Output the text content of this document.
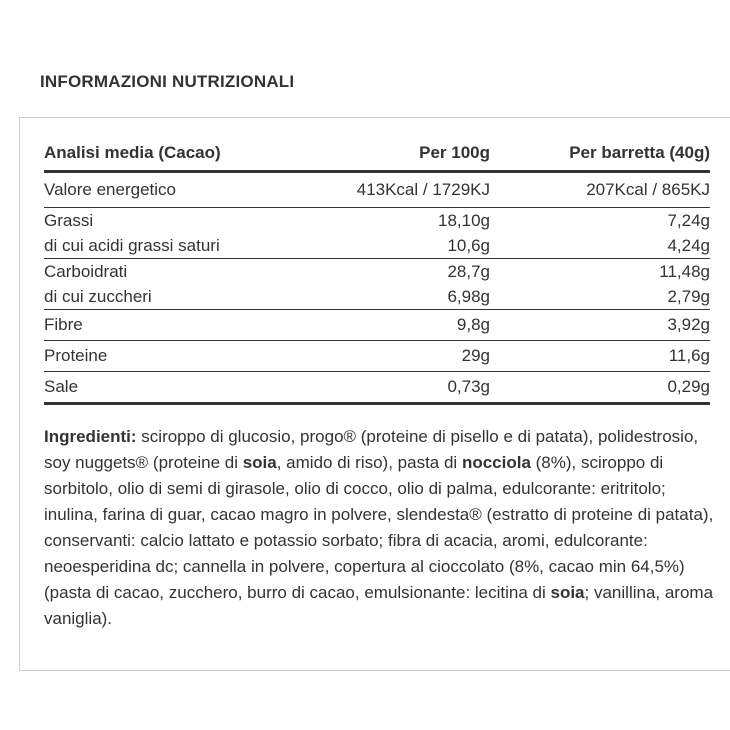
INFORMAZIONI NUTRIZIONALI
Analisi media (Cacao)	Per 100g	Per barretta (40g)
Valore energetico	413Kcal / 1729KJ	207Kcal / 865KJ
Grassi	18,10g	7,24g
di cui acidi grassi saturi	10,6g	4,24g
Carboidrati	28,7g	11,48g
di cui zuccheri	6,98g	2,79g
Fibre	9,8g	3,92g
Proteine	29g	11,6g
Sale	0,73g	0,29g
Ingredienti: sciroppo di glucosio, progo® (proteine di pisello e di patata), polidestrosio, soy nuggets® (proteine di soia, amido di riso), pasta di nocciola (8%), sciroppo di sorbitolo, olio di semi di girasole, olio di cocco, olio di palma, edulcorante: eritritolo; inulina, farina di guar, cacao magro in polvere, slendesta® (estratto di proteine di patata), conservanti: calcio lattato e potassio sorbato; fibra di acacia, aromi, edulcorante: neoesperidina dc; cannella in polvere, copertura al cioccolato (8%, cacao min 64,5%)(pasta di cacao, zucchero, burro di cacao, emulsionante: lecitina di soia; vanillina, aroma vaniglia).
